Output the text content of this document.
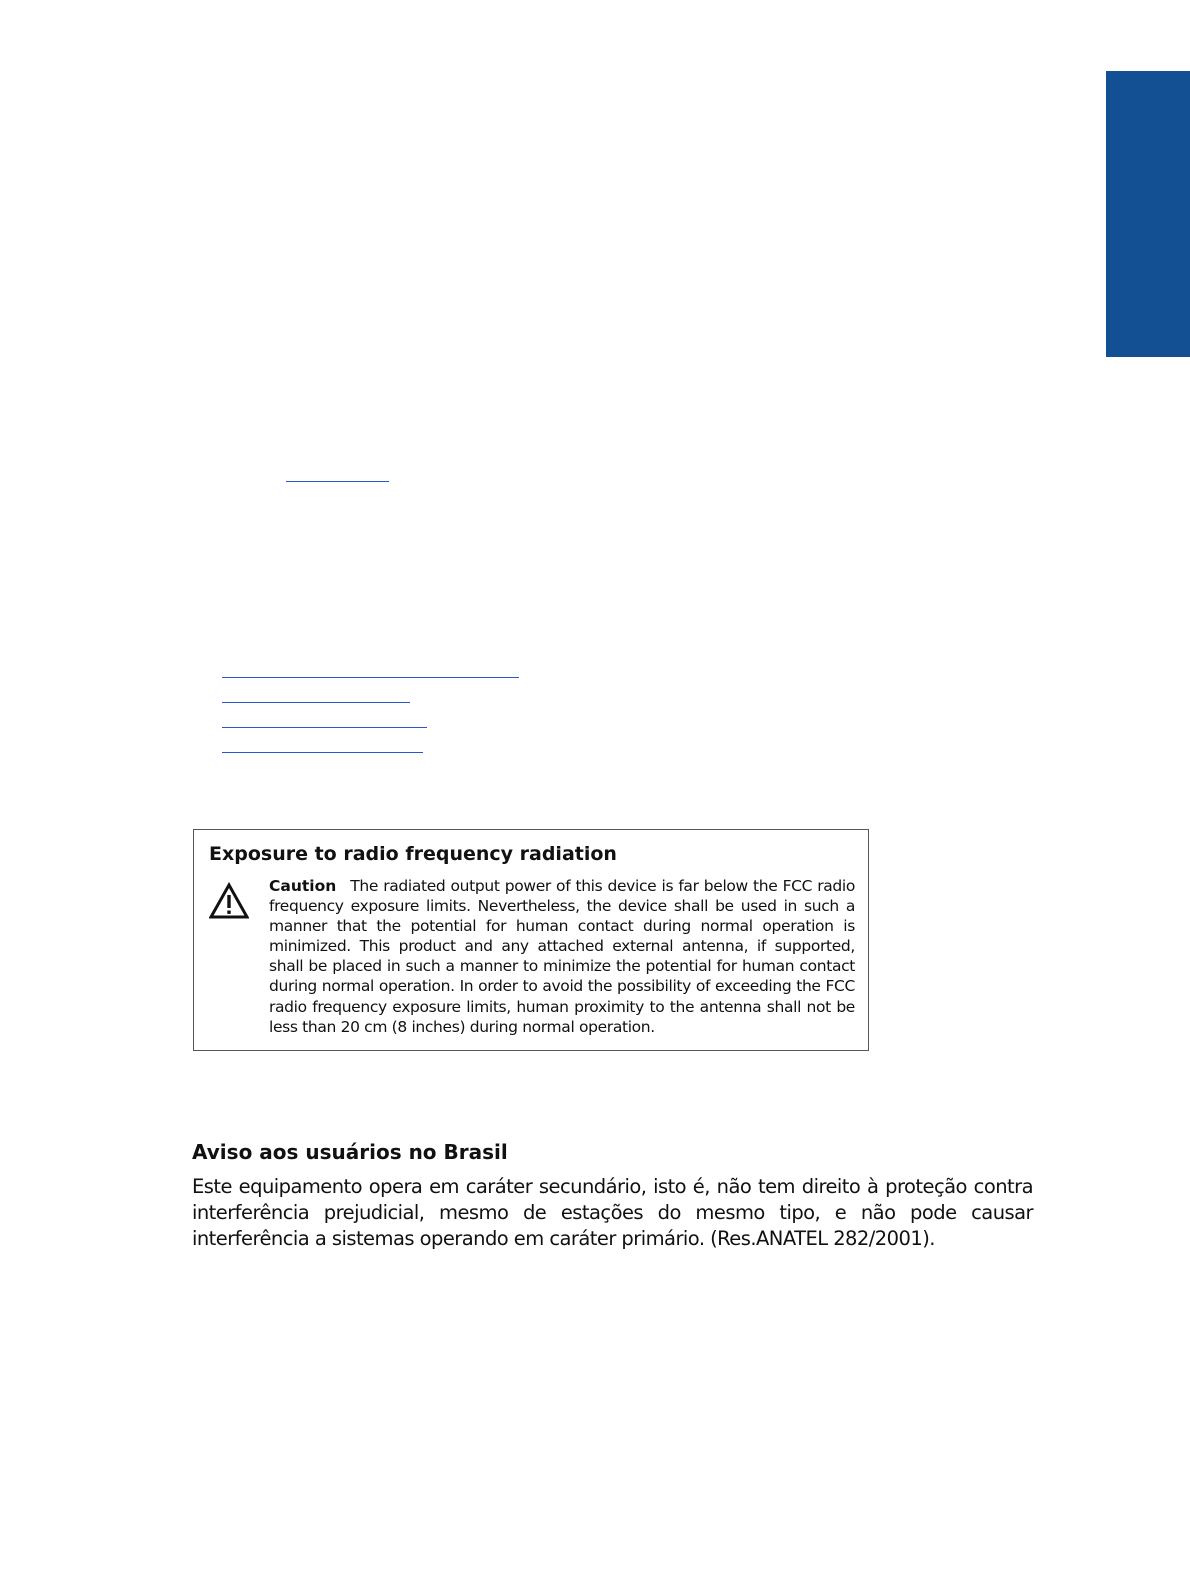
Exposure to radio frequency radiation

Caution The radiated output power of this device is far below the FCC radio frequency exposure limits. Nevertheless, the device shall be used in such a manner that the potential for human contact during normal operation is minimized. This product and any attached external antenna, if supported, shall be placed in such a manner to minimize the potential for human contact during normal operation. In order to avoid the possibility of exceeding the FCC radio frequency exposure limits, human proximity to the antenna shall not be less than 20 cm (8 inches) during normal operation.

Aviso aos usuários no Brasil

Este equipamento opera em caráter secundário, isto é, não tem direito à proteção contra interferência prejudicial, mesmo de estações do mesmo tipo, e não pode causar interferência a sistemas operando em caráter primário. (Res.ANATEL 282/2001).
